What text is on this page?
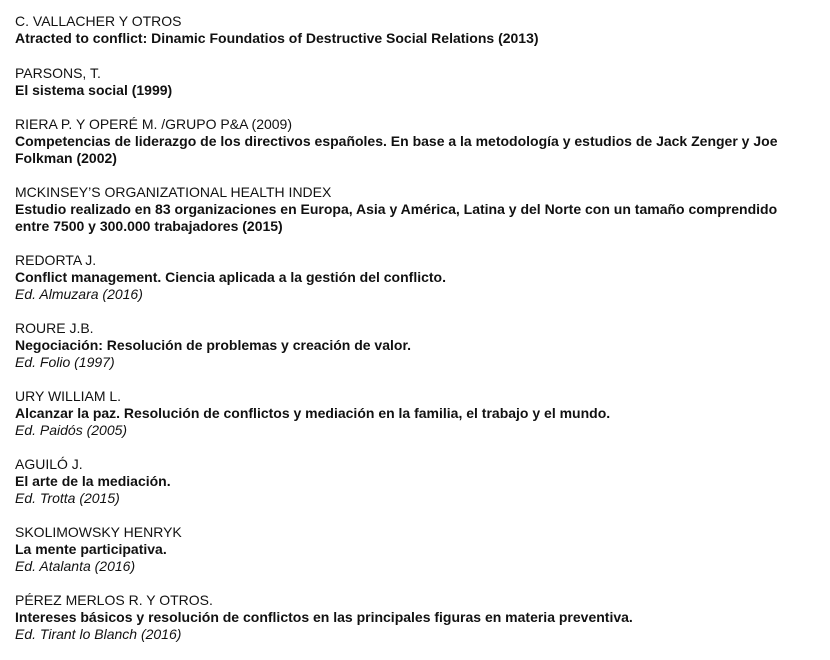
C. VALLACHER Y OTROS
Atracted to conflict: Dinamic Foundatios of Destructive Social Relations (2013)
PARSONS, T.
El sistema social (1999)
RIERA P. Y OPERÉ M. /GRUPO P&A (2009)
Competencias de liderazgo de los directivos españoles. En base a la metodología y estudios de Jack Zenger y Joe Folkman (2002)
MCKINSEY’S ORGANIZATIONAL HEALTH INDEX
Estudio realizado en 83 organizaciones en Europa, Asia y América, Latina y del Norte con un tamaño comprendido entre 7500 y 300.000 trabajadores (2015)
REDORTA J.
Conflict management. Ciencia aplicada a la gestión del conflicto.
Ed. Almuzara (2016)
ROURE J.B.
Negociación: Resolución de problemas y creación de valor.
Ed. Folio (1997)
URY WILLIAM L.
Alcanzar la paz. Resolución de conflictos y mediación en la familia, el trabajo y el mundo.
Ed. Paidós (2005)
AGUILÓ J.
El arte de la mediación.
Ed. Trotta (2015)
SKOLIMOWSKY HENRYK
La mente participativa.
Ed. Atalanta (2016)
PÉREZ MERLOS R. Y OTROS.
Intereses básicos y resolución de conflictos en las principales figuras en materia preventiva.
Ed. Tirant lo Blanch (2016)
